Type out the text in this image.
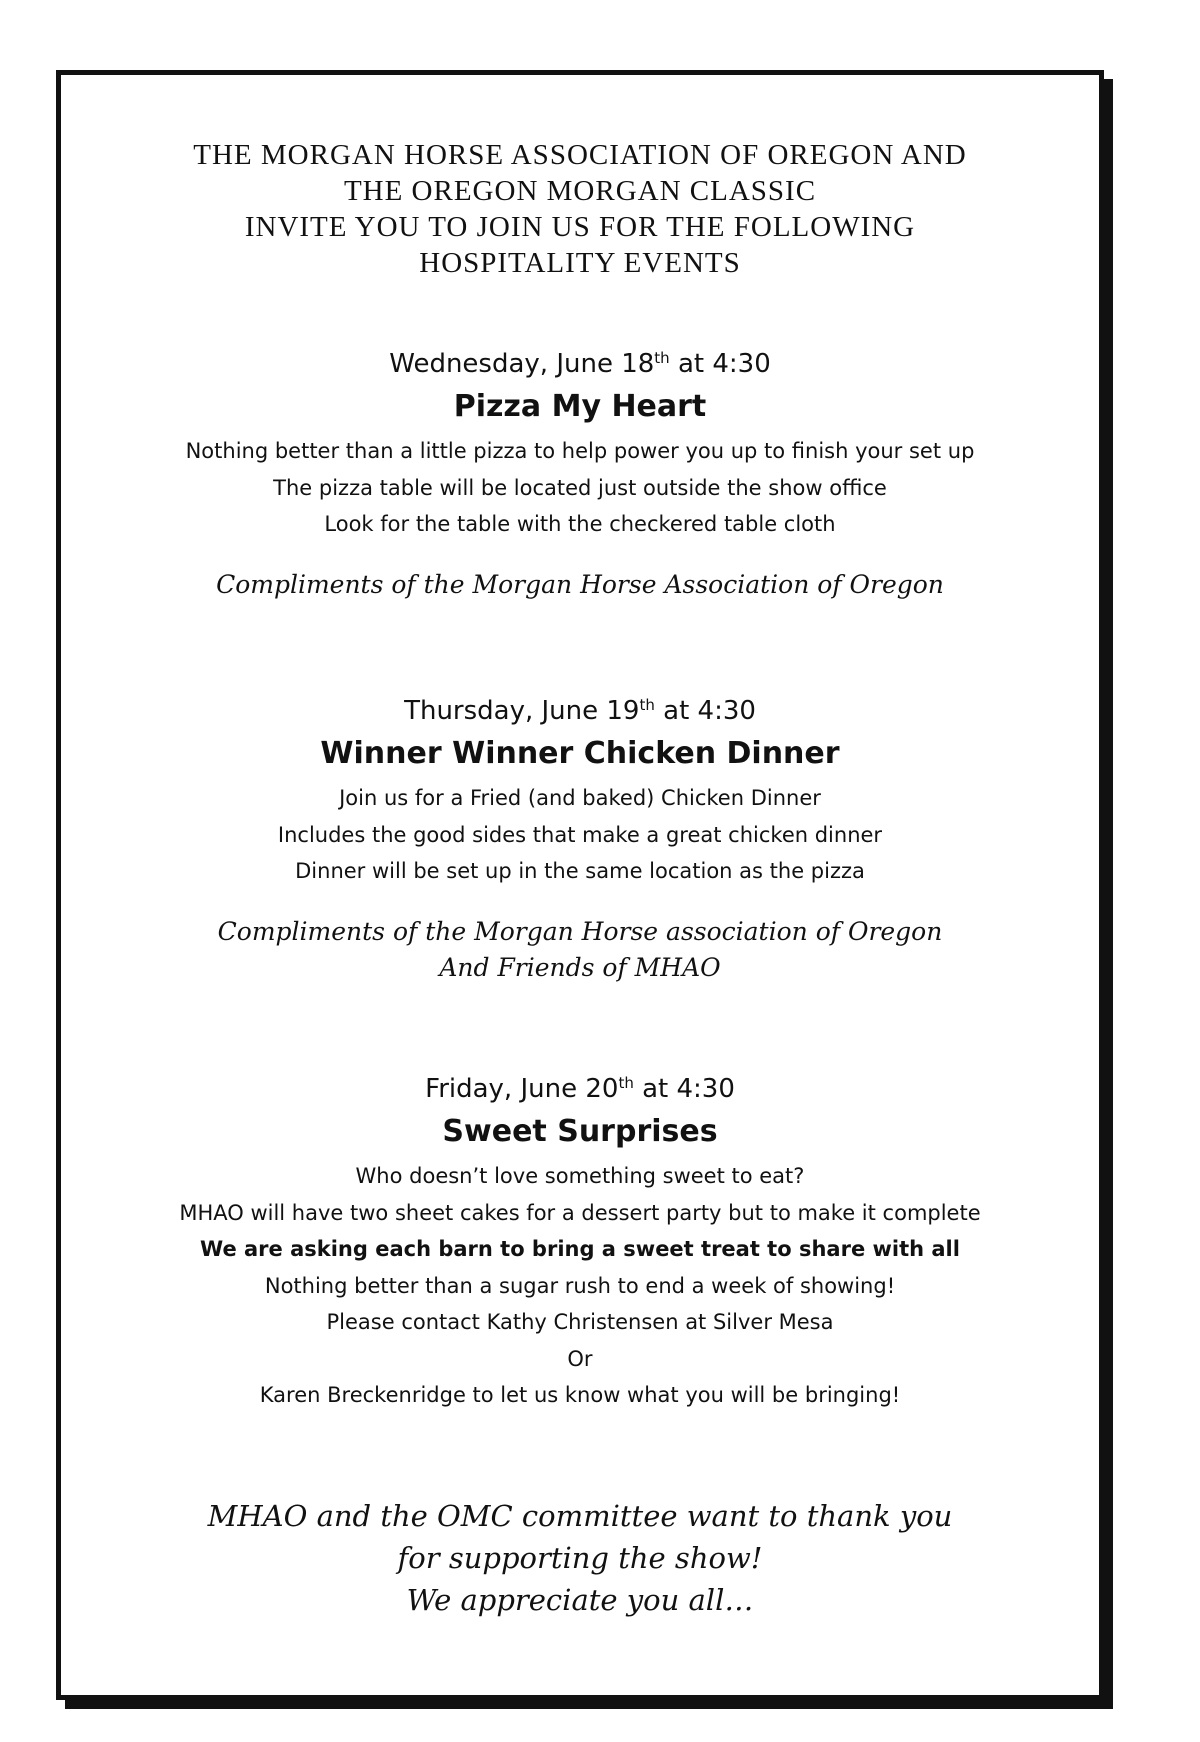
THE MORGAN HORSE ASSOCIATION OF OREGON AND
THE OREGON MORGAN CLASSIC
INVITE YOU TO JOIN US FOR THE FOLLOWING
HOSPITALITY EVENTS
Wednesday, June 18th at 4:30
Pizza My Heart
Nothing better than a little pizza to help power you up to finish your set up
The pizza table will be located just outside the show office
Look for the table with the checkered table cloth
Compliments of the Morgan Horse Association of Oregon
Thursday, June 19th at 4:30
Winner Winner Chicken Dinner
Join us for a Fried (and baked) Chicken Dinner
Includes the good sides that make a great chicken dinner
Dinner will be set up in the same location as the pizza
Compliments of the Morgan Horse association of Oregon
And Friends of MHAO
Friday, June 20th at 4:30
Sweet Surprises
Who doesn’t love something sweet to eat?
MHAO will have two sheet cakes for a dessert party but to make it complete
We are asking each barn to bring a sweet treat to share with all
Nothing better than a sugar rush to end a week of showing!
Please contact Kathy Christensen at Silver Mesa
Or
Karen Breckenridge to let us know what you will be bringing!
MHAO and the OMC committee want to thank you
for supporting the show!
We appreciate you all…
